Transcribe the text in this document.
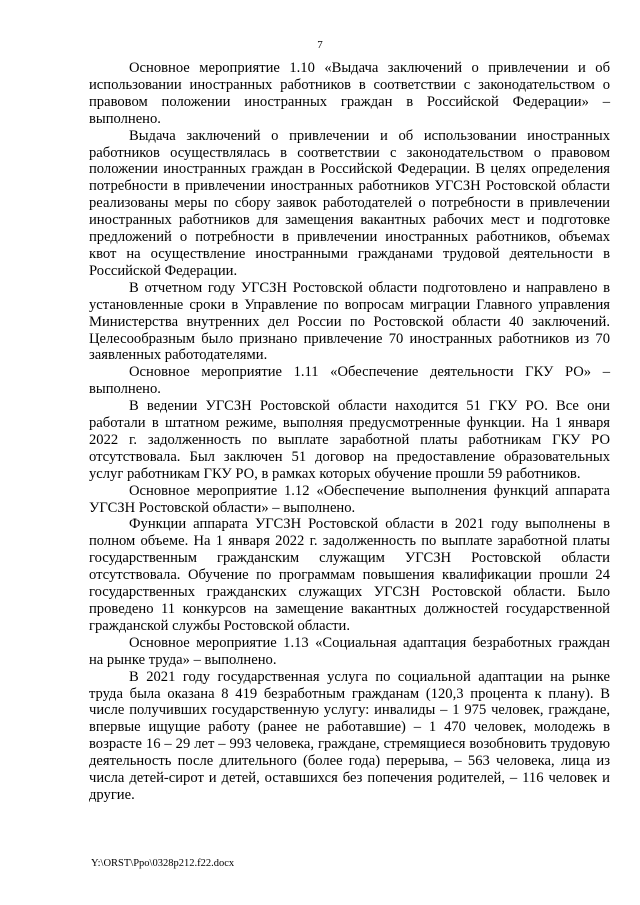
7

Основное мероприятие 1.10 «Выдача заключений о привлечении и об использовании иностранных работников в соответствии с законодательством о правовом положении иностранных граждан в Российской Федерации» – выполнено.

Выдача заключений о привлечении и об использовании иностранных работников осуществлялась в соответствии с законодательством о правовом положении иностранных граждан в Российской Федерации. В целях определения потребности в привлечении иностранных работников УГСЗН Ростовской области реализованы меры по сбору заявок работодателей о потребности в привлечении иностранных работников для замещения вакантных рабочих мест и подготовке предложений о потребности в привлечении иностранных работников, объемах квот на осуществление иностранными гражданами трудовой деятельности в Российской Федерации.

В отчетном году УГСЗН Ростовской области подготовлено и направлено в установленные сроки в Управление по вопросам миграции Главного управления Министерства внутренних дел России по Ростовской области 40 заключений. Целесообразным было признано привлечение 70 иностранных работников из 70 заявленных работодателями.

Основное мероприятие 1.11 «Обеспечение деятельности ГКУ РО» – выполнено.

В ведении УГСЗН Ростовской области находится 51 ГКУ РО. Все они работали в штатном режиме, выполняя предусмотренные функции. На 1 января 2022 г. задолженность по выплате заработной платы работникам ГКУ РО отсутствовала. Был заключен 51 договор на предоставление образовательных услуг работникам ГКУ РО, в рамках которых обучение прошли 59 работников.

Основное мероприятие 1.12 «Обеспечение выполнения функций аппарата УГСЗН Ростовской области» – выполнено.

Функции аппарата УГСЗН Ростовской области в 2021 году выполнены в полном объеме. На 1 января 2022 г. задолженность по выплате заработной платы государственным гражданским служащим УГСЗН Ростовской области отсутствовала. Обучение по программам повышения квалификации прошли 24 государственных гражданских служащих УГСЗН Ростовской области. Было проведено 11 конкурсов на замещение вакантных должностей государственной гражданской службы Ростовской области.

Основное мероприятие 1.13 «Социальная адаптация безработных граждан на рынке труда» – выполнено.

В 2021 году государственная услуга по социальной адаптации на рынке труда была оказана 8 419 безработным гражданам (120,3 процента к плану). В числе получивших государственную услугу: инвалиды – 1 975 человек, граждане, впервые ищущие работу (ранее не работавшие) – 1 470 человек, молодежь в возрасте 16 – 29 лет – 993 человека, граждане, стремящиеся возобновить трудовую деятельность после длительного (более года) перерыва, – 563 человека, лица из числа детей-сирот и детей, оставшихся без попечения родителей, – 116 человек и другие.

Y:\ORST\Ppo\0328p212.f22.docx
